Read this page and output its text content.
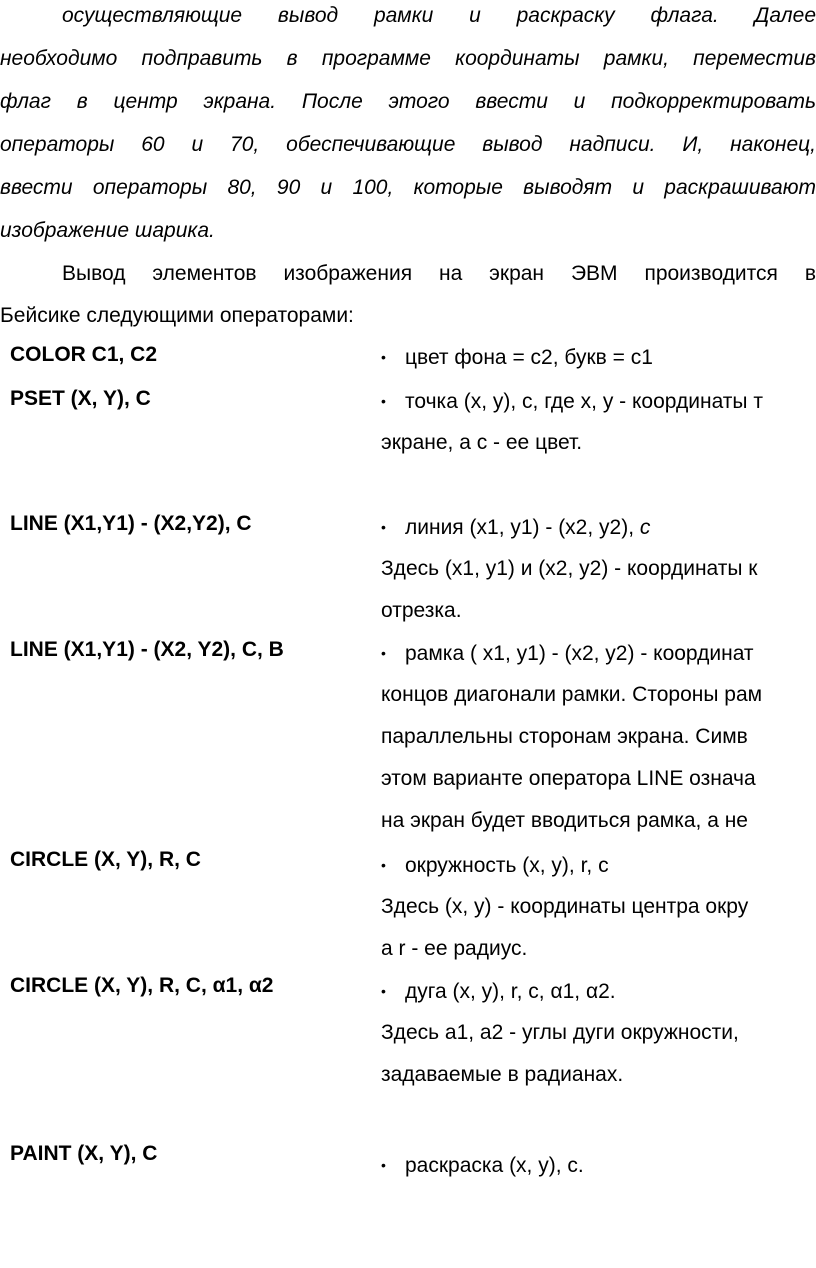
осуществляющие вывод рамки и раскраску флага. Далее
необходимо подправить в программе координаты рамки, переместив
флаг в центр экрана. После этого ввести и подкорректировать
операторы 60 и 70, обеспечивающие вывод надписи. И, наконец,
ввести операторы 80, 90 и 100, которые выводят и раскрашивают
изображение шарика.
Вывод элементов изображения на экран ЭВМ производится в
Бейсике следующими операторами:
COLOR C1, C2	• цвет фона = c2, букв = c1
PSET (X, Y), C	• точка (x, y), c, где x, y - координаты т
экране, а c - ее цвет.
LINE (X1,Y1) - (X2,Y2), C	• линия (x1, y1) - (x2, y2), c
Здесь (x1, y1) и (x2, y2) - координаты к
отрезка.
LINE (X1,Y1) - (X2, Y2), C, B	• рамка ( x1, y1) - (x2, y2) - координат
концов диагонали рамки. Стороны рам
параллельны сторонам экрана. Симв
этом варианте оператора LINE означа
на экран будет вводиться рамка, а не
CIRCLE (X, Y), R, C	• окружность (x, y), r, c
Здесь (x, y) - координаты центра окру
а r - ее радиус.
CIRCLE (X, Y), R, C, α1, α2	• дуга (x, y), r, c, α1, α2.
Здесь a1, a2 - углы дуги окружности,
задаваемые в радианах.
PAINT (X, Y), C	• раскраска (x, y), c.
